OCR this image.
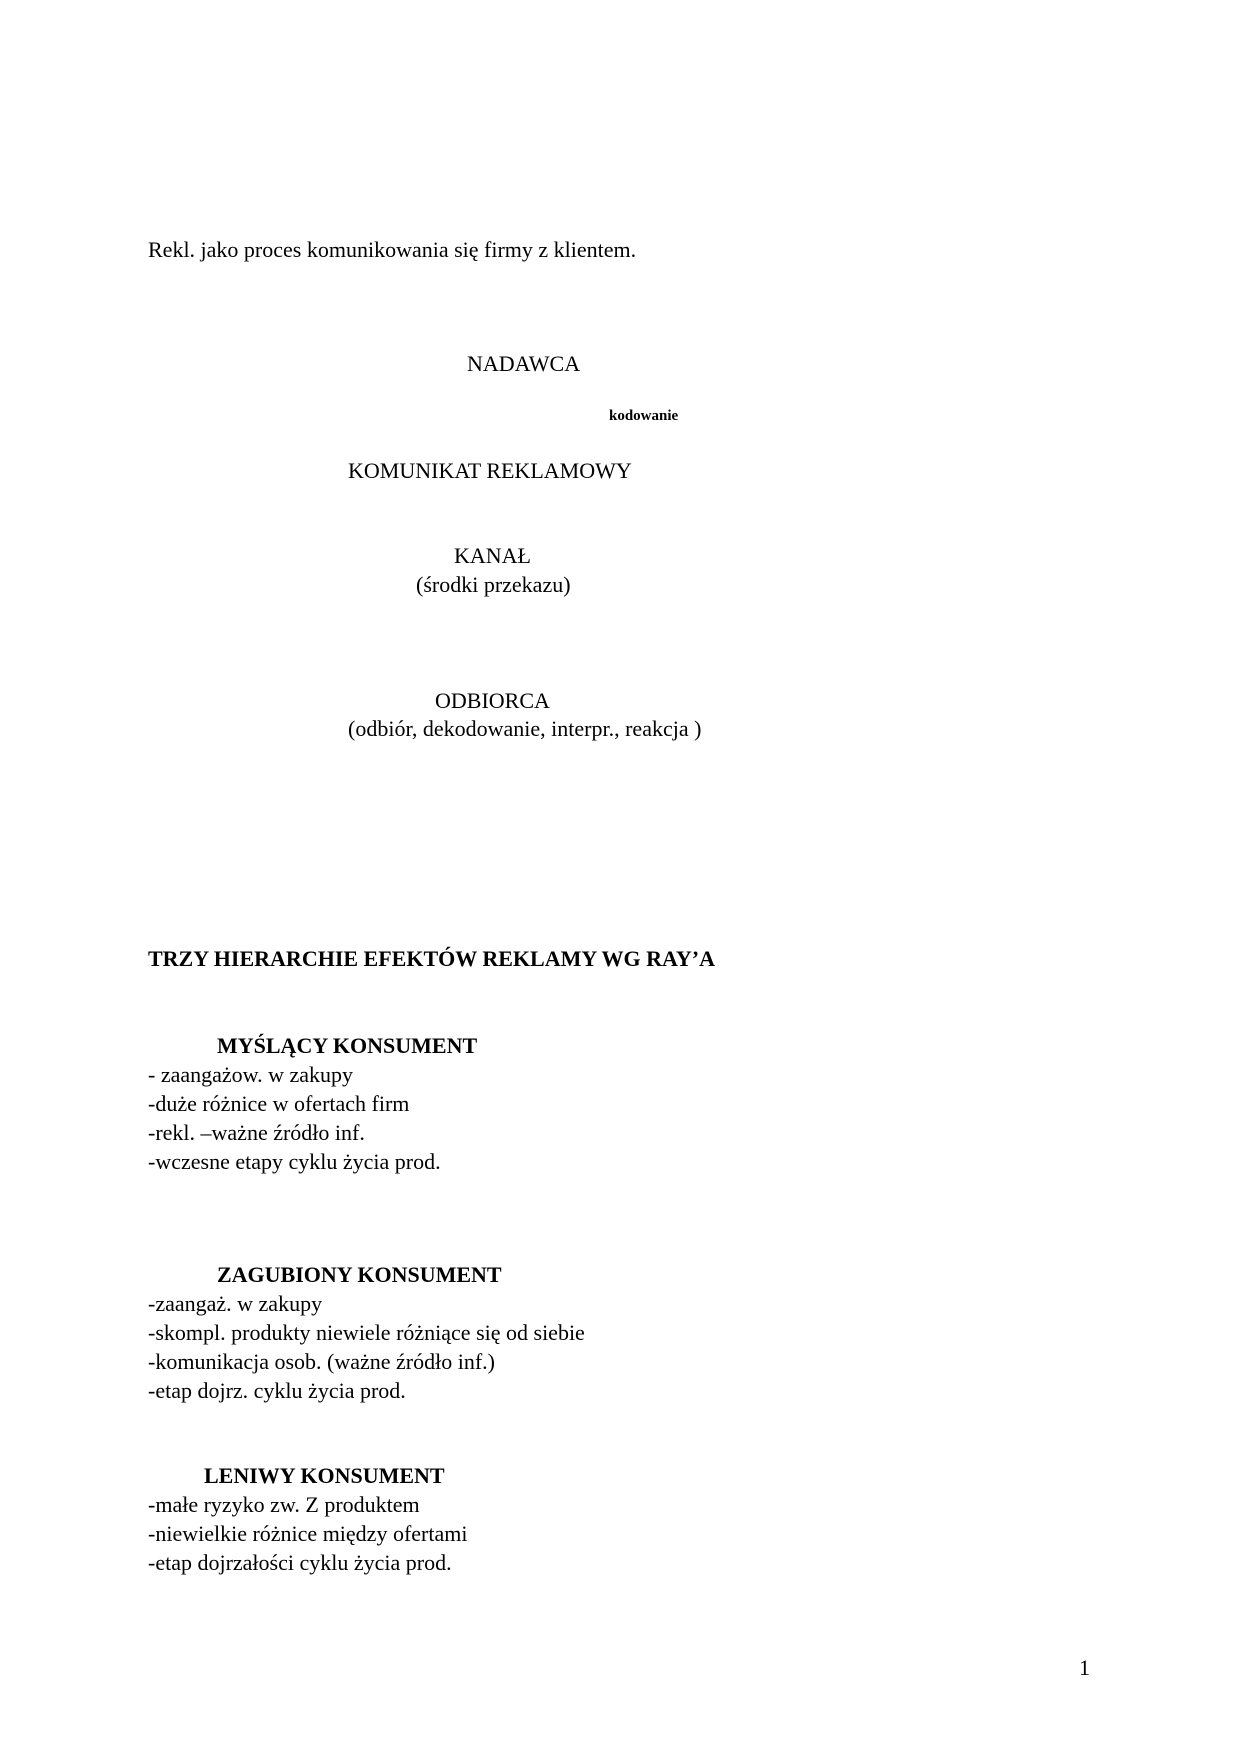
Rekl. jako proces komunikowania się firmy z klientem.

NADAWCA

kodowanie

KOMUNIKAT REKLAMOWY

KANAŁ

(środki przekazu)

ODBIORCA

(odbiór, dekodowanie, interpr., reakcja )

TRZY HIERARCHIE EFEKTÓW REKLAMY WG RAY’A

MYŚLĄCY KONSUMENT

- zaangażow. w zakupy
-duże różnice w ofertach firm
-rekl. –ważne źródło inf.
-wczesne etapy cyklu życia prod.

ZAGUBIONY KONSUMENT

-zaangaż. w zakupy
-skompl. produkty niewiele różniące się od siebie
-komunikacja osob. (ważne źródło inf.)
-etap dojrz. cyklu życia prod.

LENIWY KONSUMENT

-małe ryzyko zw. Z produktem
-niewielkie różnice między ofertami
-etap dojrzałości cyklu życia prod.

1
